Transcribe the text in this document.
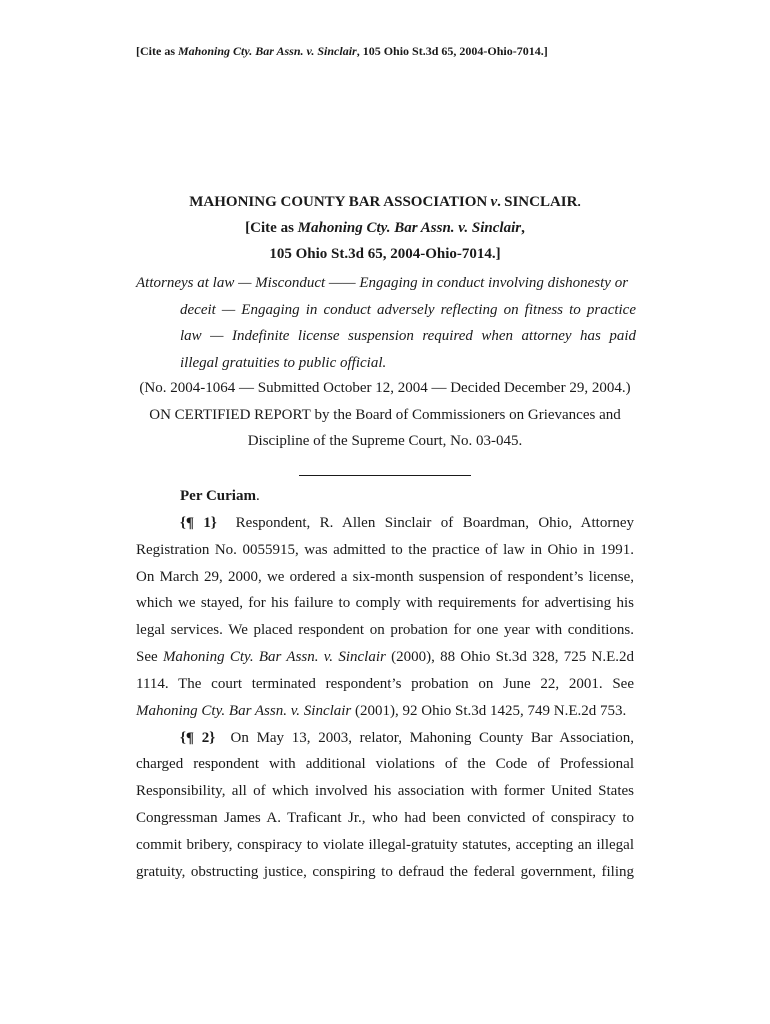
[Cite as Mahoning Cty. Bar Assn. v. Sinclair, 105 Ohio St.3d 65, 2004-Ohio-7014.]
MAHONING COUNTY BAR ASSOCIATION v. SINCLAIR.
[Cite as Mahoning Cty. Bar Assn. v. Sinclair,
105 Ohio St.3d 65, 2004-Ohio-7014.]
Attorneys at law — Misconduct —— Engaging in conduct involving dishonesty or
deceit — Engaging in conduct adversely reflecting on fitness to practice
law — Indefinite license suspension required when attorney has paid
illegal gratuities to public official.
(No. 2004-1064 — Submitted October 12, 2004 — Decided December 29, 2004.)
ON CERTIFIED REPORT by the Board of Commissioners on Grievances and
Discipline of the Supreme Court, No. 03-045.
Per Curiam.
{¶ 1} Respondent, R. Allen Sinclair of Boardman, Ohio, Attorney
Registration No. 0055915, was admitted to the practice of law in Ohio in 1991.
On March 29, 2000, we ordered a six-month suspension of respondent’s license,
which we stayed, for his failure to comply with requirements for advertising his
legal services. We placed respondent on probation for one year with conditions.
See Mahoning Cty. Bar Assn. v. Sinclair (2000), 88 Ohio St.3d 328, 725 N.E.2d
1114. The court terminated respondent’s probation on June 22, 2001. See
Mahoning Cty. Bar Assn. v. Sinclair (2001), 92 Ohio St.3d 1425, 749 N.E.2d 753.
{¶ 2} On May 13, 2003, relator, Mahoning County Bar Association,
charged respondent with additional violations of the Code of Professional
Responsibility, all of which involved his association with former United States
Congressman James A. Traficant Jr., who had been convicted of conspiracy to
commit bribery, conspiracy to violate illegal-gratuity statutes, accepting an illegal
gratuity, obstructing justice, conspiring to defraud the federal government, filing
